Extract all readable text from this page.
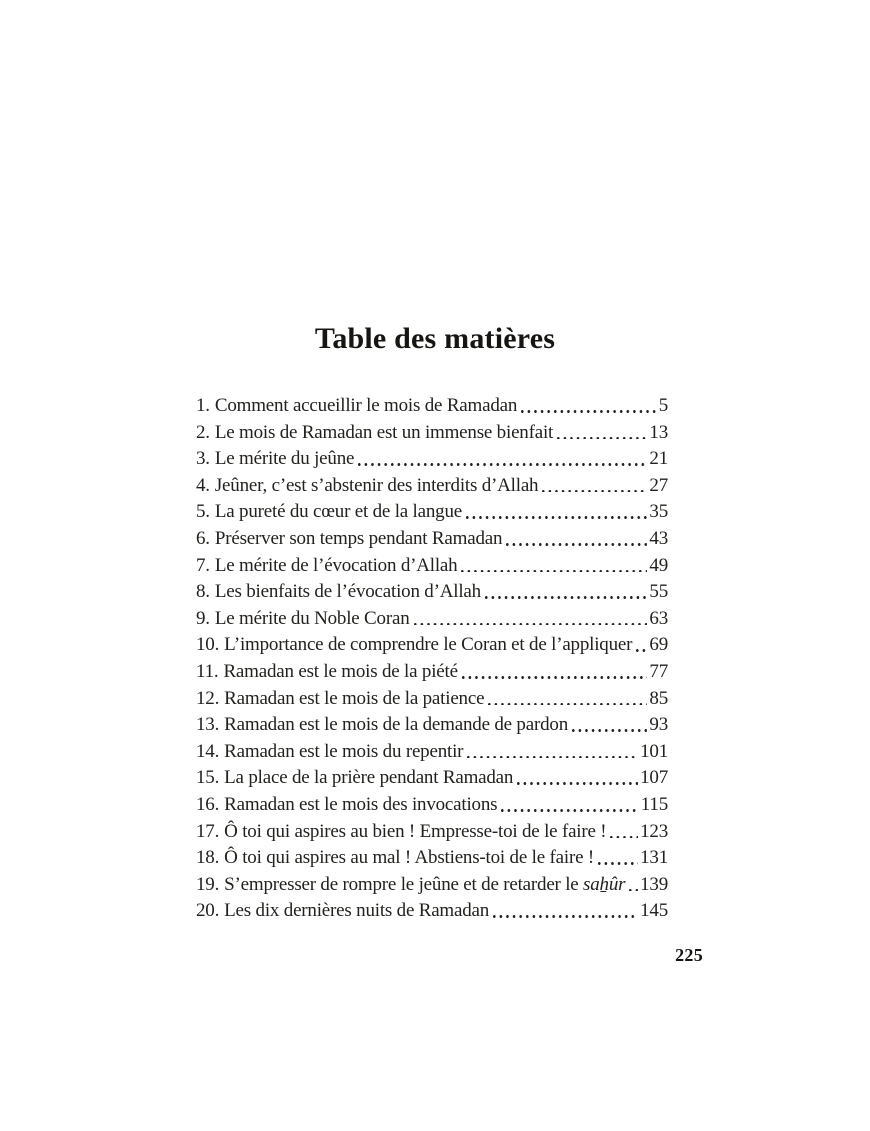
Table des matières
1. Comment accueillir le mois de Ramadan	5
2. Le mois de Ramadan est un immense bienfait	13
3. Le mérite du jeûne	21
4. Jeûner, c’est s’abstenir des interdits d’Allah	27
5. La pureté du cœur et de la langue	35
6. Préserver son temps pendant Ramadan	43
7. Le mérite de l’évocation d’Allah	49
8. Les bienfaits de l’évocation d’Allah	55
9. Le mérite du Noble Coran	63
10. L’importance de comprendre le Coran et de l’appliquer 69
11. Ramadan est le mois de la piété	77
12. Ramadan est le mois de la patience	85
13. Ramadan est le mois de la demande de pardon	93
14. Ramadan est le mois du repentir	101
15. La place de la prière pendant Ramadan	107
16. Ramadan est le mois des invocations	115
17. Ô toi qui aspires au bien ! Empresse-toi de le faire ! 123
18. Ô toi qui aspires au mal ! Abstiens-toi de le faire ! 131
19. S’empresser de rompre le jeûne et de retarder le saẖûr 139
20. Les dix dernières nuits de Ramadan	145
225
